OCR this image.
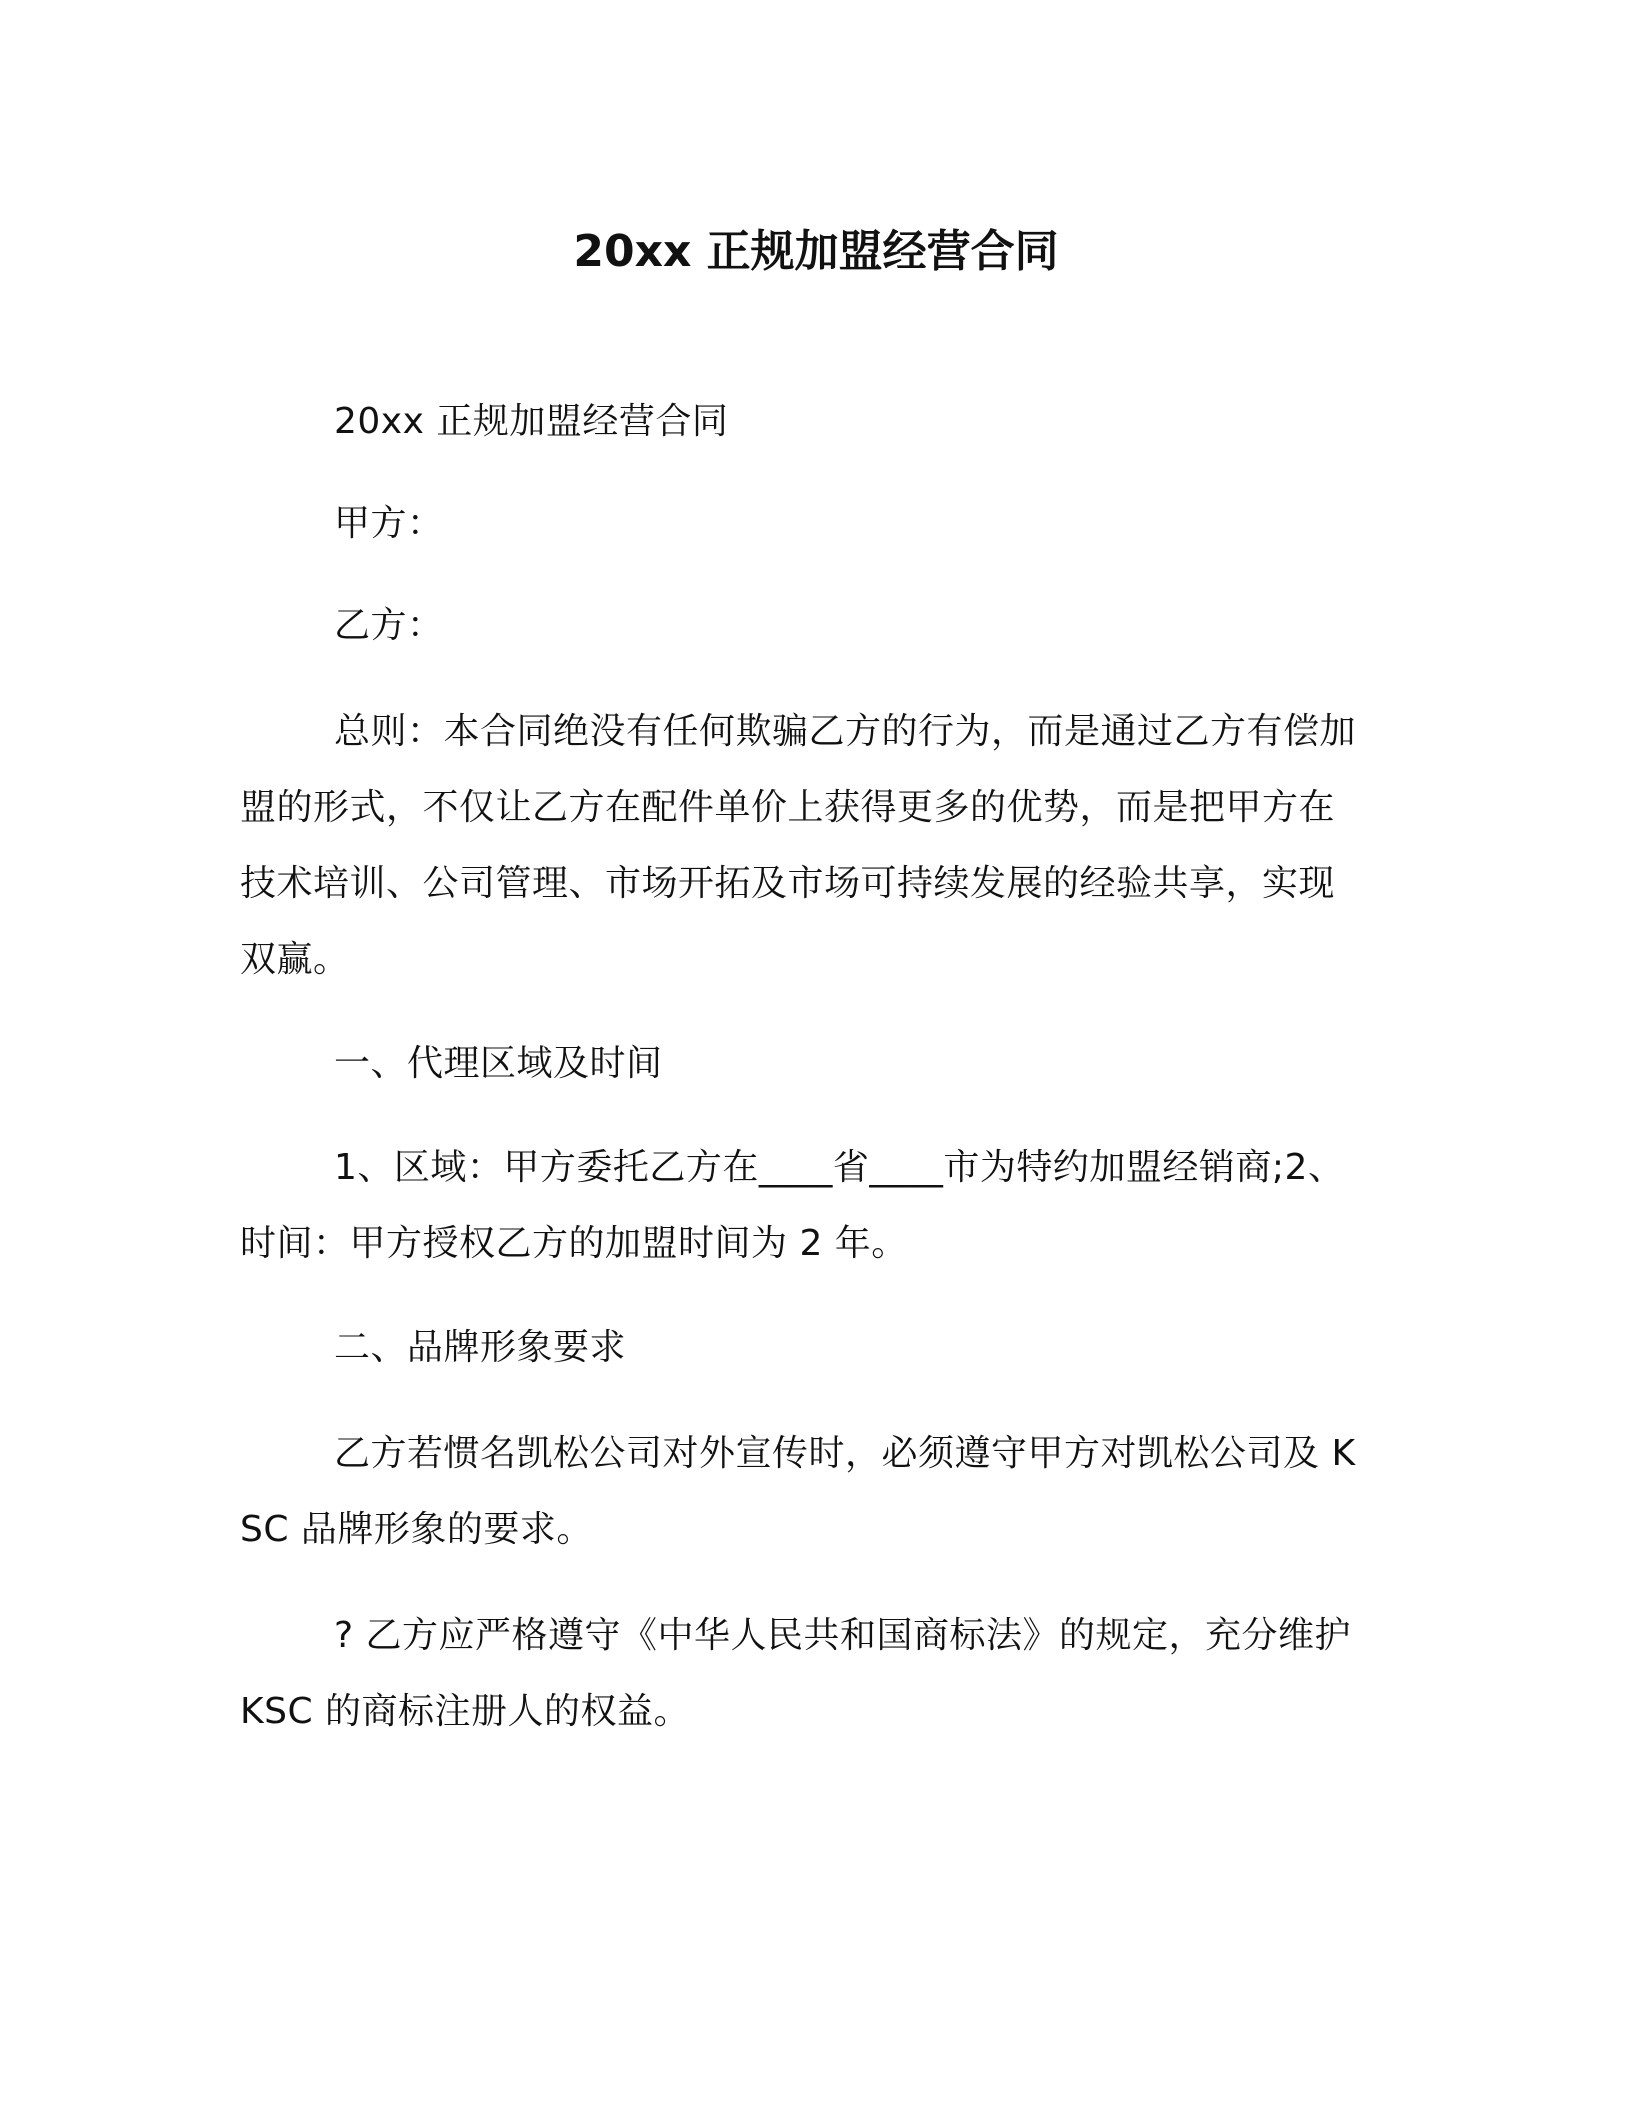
20xx 正规加盟经营合同
20xx 正规加盟经营合同
甲方：
乙方：
总则：本合同绝没有任何欺骗乙方的行为，而是通过乙方有偿加盟的形式，不仅让乙方在配件单价上获得更多的优势，而是把甲方在技术培训、公司管理、市场开拓及市场可持续发展的经验共享，实现双赢。
一、代理区域及时间
1、区域：甲方委托乙方在____省____市为特约加盟经销商;2、时间：甲方授权乙方的加盟时间为 2 年。
二、品牌形象要求
乙方若惯名凯松公司对外宣传时，必须遵守甲方对凯松公司及 KSC 品牌形象的要求。
? 乙方应严格遵守《中华人民共和国商标法》的规定，充分维护 KSC 的商标注册人的权益。
